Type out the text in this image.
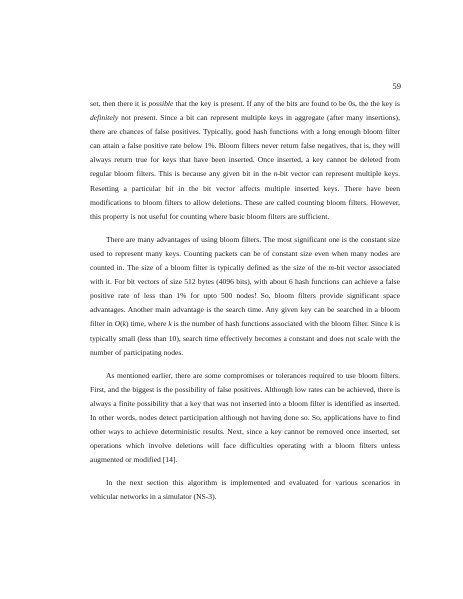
59

set, then there it is possible that the key is present. If any of the bits are found to be 0s, the the key is definitely not present. Since a bit can represent multiple keys in aggregate (after many insertions), there are chances of false positives. Typically, good hash functions with a long enough bloom filter can attain a false positive rate below 1%. Bloom filters never return false negatives, that is, they will always return true for keys that have been inserted. Once inserted, a key cannot be deleted from regular bloom filters. This is because any given bit in the n-bit vector can represent multiple keys. Resetting a particular bit in the bit vector affects multiple inserted keys. There have been modifications to bloom filters to allow deletions. These are called counting bloom filters. However, this property is not useful for counting where basic bloom filters are sufficient.

There are many advantages of using bloom filters. The most significant one is the constant size used to represent many keys. Counting packets can be of constant size even when many nodes are counted in. The size of a bloom filter is typically defined as the size of the m-bit vector associated with it. For bit vectors of size 512 bytes (4096 bits), with about 6 hash functions can achieve a false positive rate of less than 1% for upto 500 nodes! So, bloom filters provide significant space advantages. Another main advantage is the search time. Any given key can be searched in a bloom filter in O(k) time, where k is the number of hash functions associated with the bloom filter. Since k is typically small (less than 10), search time effectively becomes a constant and does not scale with the number of participating nodes.

As mentioned earlier, there are some compromises or tolerances required to use bloom filters. First, and the biggest is the possibility of false positives. Although low rates can be achieved, there is always a finite possibility that a key that was not inserted into a bloom filter is identified as inserted. In other words, nodes detect participation although not having done so. So, applications have to find other ways to achieve deterministic results. Next, since a key cannot be removed once inserted, set operations which involve deletions will face difficulties operating with a bloom filters unless augmented or modified [14].

In the next section this algorithm is implemented and evaluated for various scenarios in vehicular networks in a simulator (NS-3).
